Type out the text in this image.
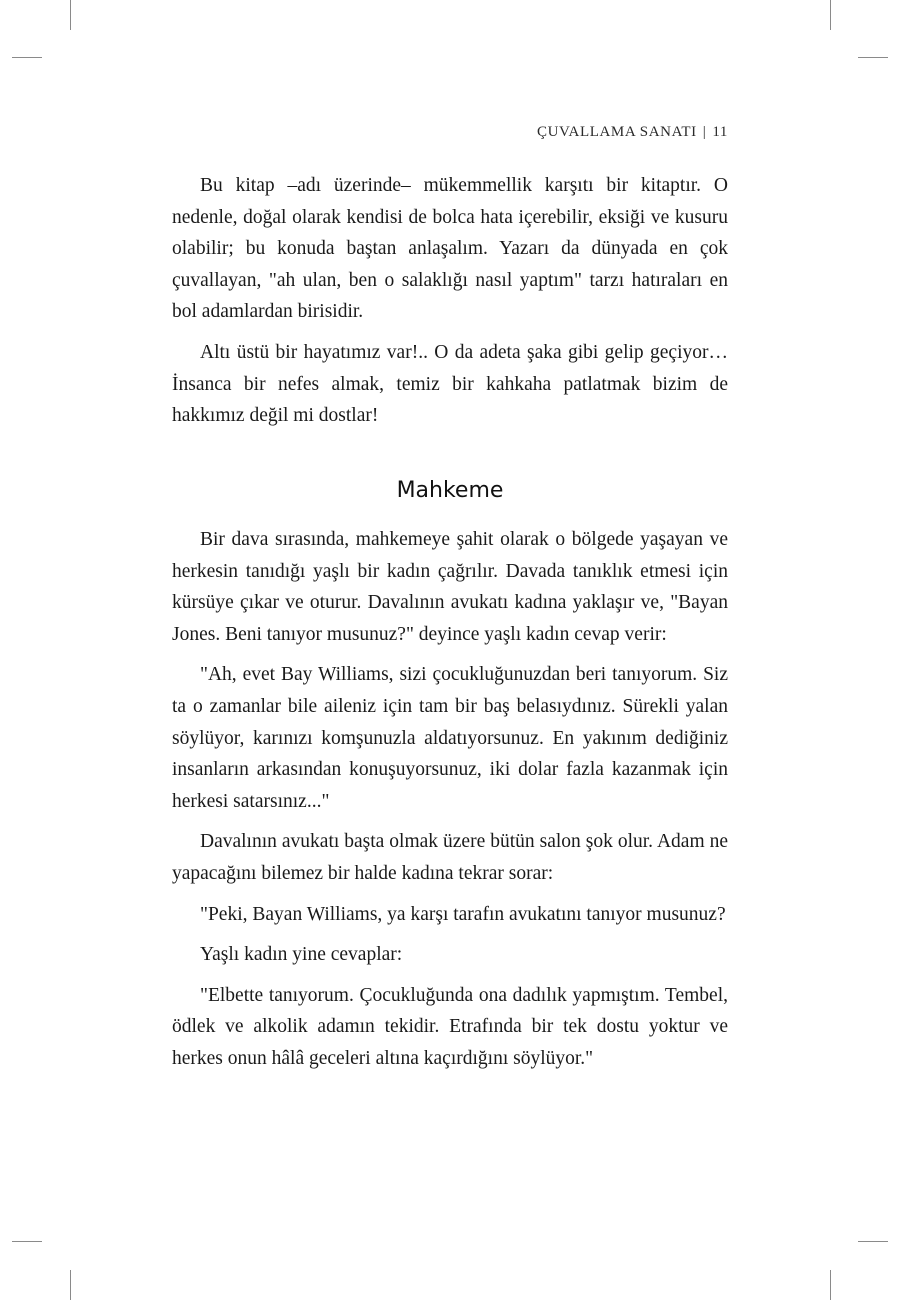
ÇUVALLAMA SANATI | 11

Bu kitap –adı üzerinde– mükemmellik karşıtı bir kitaptır. O nedenle, doğal olarak kendisi de bolca hata içerebilir, eksiği ve kusuru olabilir; bu konuda baştan anlaşalım. Yazarı da dünyada en çok çuvallayan, "ah ulan, ben o salaklığı nasıl yaptım" tarzı hatıraları en bol adamlardan birisidir.

Altı üstü bir hayatımız var!.. O da adeta şaka gibi gelip geçiyor… İnsanca bir nefes almak, temiz bir kahkaha patlatmak bizim de hakkımız değil mi dostlar!

Mahkeme

Bir dava sırasında, mahkemeye şahit olarak o bölgede yaşayan ve herkesin tanıdığı yaşlı bir kadın çağrılır. Davada tanıklık etmesi için kürsüye çıkar ve oturur. Davalının avukatı kadına yaklaşır ve, "Bayan Jones. Beni tanıyor musunuz?" deyince yaşlı kadın cevap verir:

"Ah, evet Bay Williams, sizi çocukluğunuzdan beri tanıyorum. Siz ta o zamanlar bile aileniz için tam bir baş belasıydınız. Sürekli yalan söylüyor, karınızı komşunuzla aldatıyorsunuz. En yakınım dediğiniz insanların arkasından konuşuyorsunuz, iki dolar fazla kazanmak için herkesi satarsınız..."

Davalının avukatı başta olmak üzere bütün salon şok olur. Adam ne yapacağını bilemez bir halde kadına tekrar sorar:

"Peki, Bayan Williams, ya karşı tarafın avukatını tanıyor musunuz?

Yaşlı kadın yine cevaplar:

"Elbette tanıyorum. Çocukluğunda ona dadılık yapmıştım. Tembel, ödlek ve alkolik adamın tekidir. Etrafında bir tek dostu yoktur ve herkes onun hâlâ geceleri altına kaçırdığını söylüyor."
